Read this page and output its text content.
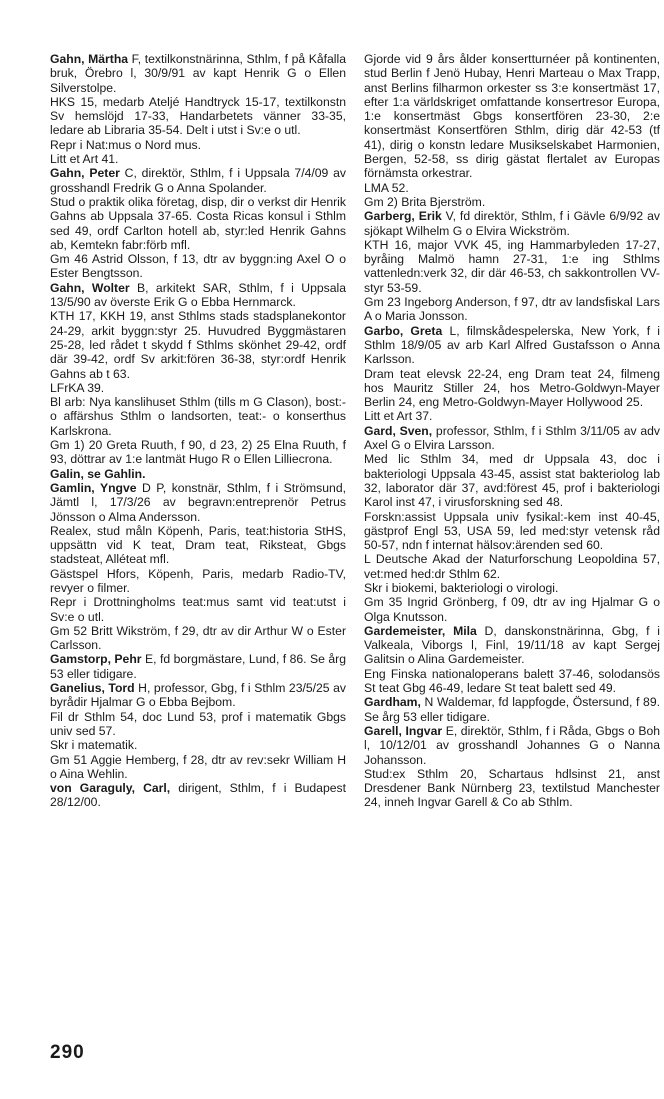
Gahn, Märtha F, textilkonstnärinna, Sthlm, f på Kåfalla bruk, Örebro l, 30/9/91 av kapt Henrik G o Ellen Silverstolpe.

HKS 15, medarb Ateljé Handtryck 15-17, textilkonstn Sv hemslöjd 17-33, Handarbetets vänner 33-35, ledare ab Libraria 35-54. Delt i utst i Sv:e o utl.

Repr i Nat:mus o Nord mus.

Litt et Art 41.

Gahn, Peter C, direktör, Sthlm, f i Uppsala 7/4/09 av grosshandl Fredrik G o Anna Spolander.

Stud o praktik olika företag, disp, dir o verkst dir Henrik Gahns ab Uppsala 37-65. Costa Ricas konsul i Sthlm sed 49, ordf Carlton hotell ab, styr:led Henrik Gahns ab, Kemtekn fabr:förb mfl.

Gm 46 Astrid Olsson, f 13, dtr av byggn:ing Axel O o Ester Bengtsson.

Gahn, Wolter B, arkitekt SAR, Sthlm, f i Uppsala 13/5/90 av överste Erik G o Ebba Hernmarck.

KTH 17, KKH 19, anst Sthlms stads stadsplanekontor 24-29, arkit byggn:styr 25. Huvudred Byggmästaren 25-28, led rådet t skydd f Sthlms skönhet 29-42, ordf där 39-42, ordf Sv arkit:fören 36-38, styr:ordf Henrik Gahns ab t 63.

LFrKA 39.

Bl arb: Nya kanslihuset Sthlm (tills m G Clason), bost:- o affärshus Sthlm o landsorten, teat:- o konserthus Karlskrona.

Gm 1) 20 Greta Ruuth, f 90, d 23, 2) 25 Elna Ruuth, f 93, döttrar av 1:e lantmät Hugo R o Ellen Lilliecrona.

Galin, se Gahlin.

Gamlin, Yngve D P, konstnär, Sthlm, f i Strömsund, Jämtl l, 17/3/26 av begravn:entreprenör Petrus Jönsson o Alma Andersson.

Realex, stud måln Köpenh, Paris, teat:historia StHS, uppsättn vid K teat, Dram teat, Riksteat, Gbgs stadsteat, Alléteat mfl.

Gästspel Hfors, Köpenh, Paris, medarb Radio-TV, revyer o filmer.

Repr i Drottningholms teat:mus samt vid teat:utst i Sv:e o utl.

Gm 52 Britt Wikström, f 29, dtr av dir Arthur W o Ester Carlsson.

Gamstorp, Pehr E, fd borgmästare, Lund, f 86. Se årg 53 eller tidigare.

Ganelius, Tord H, professor, Gbg, f i Sthlm 23/5/25 av byrådir Hjalmar G o Ebba Bejbom.

Fil dr Sthlm 54, doc Lund 53, prof i matematik Gbgs univ sed 57.

Skr i matematik.

Gm 51 Aggie Hemberg, f 28, dtr av rev:sekr William H o Aina Wehlin.

von Garaguly, Carl, dirigent, Sthlm, f i Budapest 28/12/00.

Gjorde vid 9 års ålder konsertturnéer på kontinenten, stud Berlin f Jenö Hubay, Henri Marteau o Max Trapp, anst Berlins filharmon orkester ss 3:e konsertmäst 17, efter 1:a världskriget omfattande konsertresor Europa, 1:e konsertmäst Gbgs konsertfören 23-30, 2:e konsertmäst Konsertfören Sthlm, dirig där 42-53 (tf 41), dirig o konstn ledare Musikselskabet Harmonien, Bergen, 52-58, ss dirig gästat flertalet av Europas förnämsta orkestrar.

LMA 52.

Gm 2) Brita Bjerström.

Garberg, Erik V, fd direktör, Sthlm, f i Gävle 6/9/92 av sjökapt Wilhelm G o Elvira Wickström.

KTH 16, major VVK 45, ing Hammarbyleden 17-27, byråing Malmö hamn 27-31, 1:e ing Sthlms vattenledn:verk 32, dir där 46-53, ch sakkontrollen VV-styr 53-59.

Gm 23 Ingeborg Anderson, f 97, dtr av landsfiskal Lars A o Maria Jonsson.

Garbo, Greta L, filmskådespelerska, New York, f i Sthlm 18/9/05 av arb Karl Alfred Gustafsson o Anna Karlsson.

Dram teat elevsk 22-24, eng Dram teat 24, filmeng hos Mauritz Stiller 24, hos Metro-Goldwyn-Mayer Berlin 24, eng Metro-Goldwyn-Mayer Hollywood 25.

Litt et Art 37.

Gard, Sven, professor, Sthlm, f i Sthlm 3/11/05 av adv Axel G o Elvira Larsson.

Med lic Sthlm 34, med dr Uppsala 43, doc i bakteriologi Uppsala 43-45, assist stat bakteriolog lab 32, laborator där 37, avd:förest 45, prof i bakteriologi Karol inst 47, i virusforskning sed 48.

Forskn:assist Uppsala univ fysikal:-kem inst 40-45, gästprof Engl 53, USA 59, led med:styr vetensk råd 50-57, ndn f internat hälsov:ärenden sed 60.

L Deutsche Akad der Naturforschung Leopoldina 57, vet:med hed:dr Sthlm 62.

Skr i biokemi, bakteriologi o virologi.

Gm 35 Ingrid Grönberg, f 09, dtr av ing Hjalmar G o Olga Knutsson.

Gardemeister, Mila D, danskonstnärinna, Gbg, f i Valkeala, Viborgs l, Finl, 19/11/18 av kapt Sergej Galitsin o Alina Gardemeister.

Eng Finska nationaloperans balett 37-46, solodansös St teat Gbg 46-49, ledare St teat balett sed 49.

Gardham, N Waldemar, fd lappfogde, Östersund, f 89. Se årg 53 eller tidigare.

Garell, Ingvar E, direktör, Sthlm, f i Råda, Gbgs o Boh l, 10/12/01 av grosshandl Johannes G o Nanna Johansson.

Stud:ex Sthlm 20, Schartaus hdlsinst 21, anst Dresdener Bank Nürnberg 23, textilstud Manchester 24, inneh Ingvar Garell & Co ab Sthlm.

290
